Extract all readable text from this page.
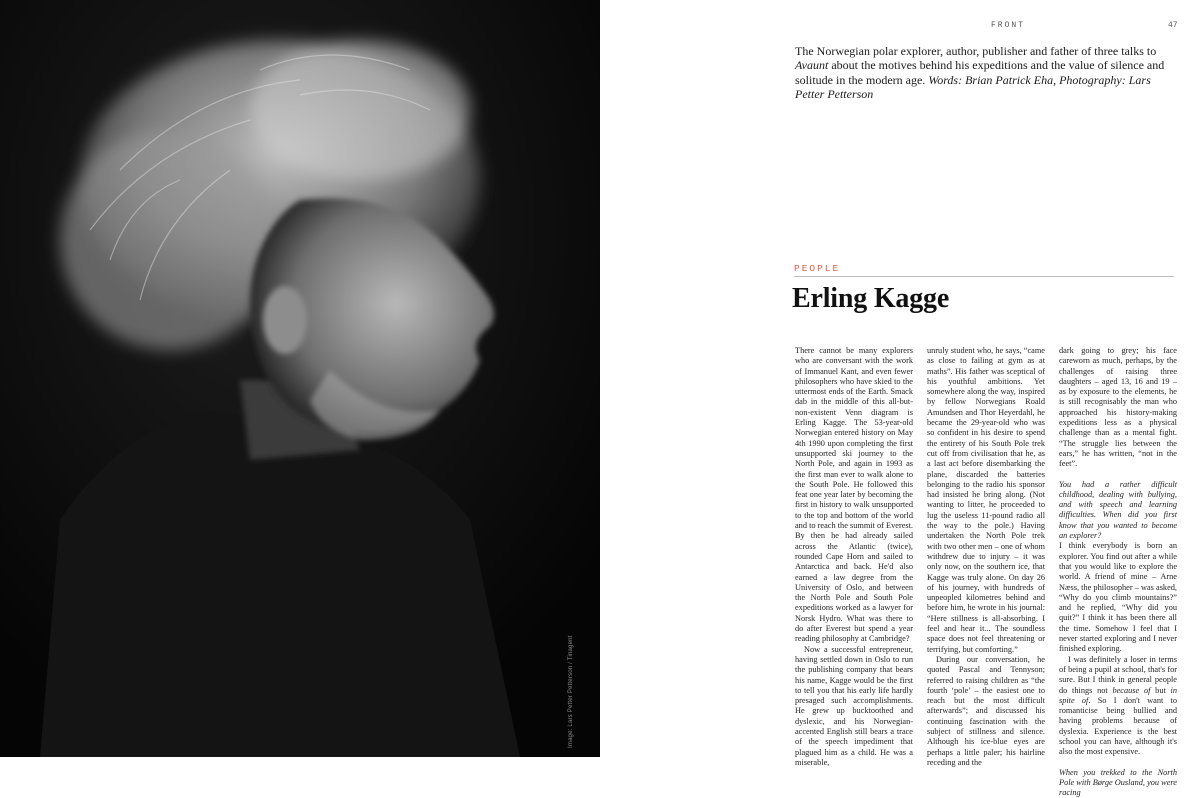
Image: Lars Petter Petterson / Tinagent
FRONT	47

The Norwegian polar explorer, author, publisher and father of three talks to Avaunt about the motives behind his expeditions and the value of silence and solitude in the modern age. Words: Brian Patrick Eha, Photography: Lars Petter Petterson

PEOPLE
Erling Kagge

There cannot be many explorers who are conversant with the work of Immanuel Kant, and even fewer philosophers who have skied to the uttermost ends of the Earth. Smack dab in the middle of this all-but-non-existent Venn diagram is Erling Kagge. The 53-year-old Norwegian entered history on May 4th 1990 upon completing the first unsupported ski journey to the North Pole, and again in 1993 as the first man ever to walk alone to the South Pole. He followed this feat one year later by becoming the first in history to walk unsupported to the top and bottom of the world and to reach the summit of Everest. By then he had already sailed across the Atlantic (twice), rounded Cape Horn and sailed to Antarctica and back. He'd also earned a law degree from the University of Oslo, and between the North Pole and South Pole expeditions worked as a lawyer for Norsk Hydro. What was there to do after Everest but spend a year reading philosophy at Cambridge?

Now a successful entrepreneur, having settled down in Oslo to run the publishing company that bears his name, Kagge would be the first to tell you that his early life hardly presaged such accomplishments. He grew up bucktoothed and dyslexic, and his Norwegian-accented English still bears a trace of the speech impediment that plagued him as a child. He was a miserable,

unruly student who, he says, “came as close to failing at gym as at maths”. His father was sceptical of his youthful ambitions. Yet somewhere along the way, inspired by fellow Norwegians Roald Amundsen and Thor Heyerdahl, he became the 29-year-old who was so confident in his desire to spend the entirety of his South Pole trek cut off from civilisation that he, as a last act before disembarking the plane, discarded the batteries belonging to the radio his sponsor had insisted he bring along. (Not wanting to litter, he proceeded to lug the useless 11-pound radio all the way to the pole.) Having undertaken the North Pole trek with two other men – one of whom withdrew due to injury – it was only now, on the southern ice, that Kagge was truly alone. On day 26 of his journey, with hundreds of unpeopled kilometres behind and before him, he wrote in his journal: “Here stillness is all-absorbing. I feel and hear it... The soundless space does not feel threatening or terrifying, but comforting.”

During our conversation, he quoted Pascal and Tennyson; referred to raising children as “the fourth ‘pole’ – the easiest one to reach but the most difficult afterwards”; and discussed his continuing fascination with the subject of stillness and silence. Although his ice-blue eyes are perhaps a little paler; his hairline receding and the

dark going to grey; his face careworn as much, perhaps, by the challenges of raising three daughters – aged 13, 16 and 19 – as by exposure to the elements, he is still recognisably the man who approached his history-making expeditions less as a physical challenge than as a mental fight. “The struggle lies between the ears,” he has written, “not in the feet”.

You had a rather difficult childhood, dealing with bullying, and with speech and learning difficulties. When did you first know that you wanted to become an explorer?

I think everybody is born an explorer. You find out after a while that you would like to explore the world. A friend of mine – Arne Næss, the philosopher – was asked, “Why do you climb mountains?” and he replied, “Why did you quit?” I think it has been there all the time. Somehow I feel that I never started exploring and I never finished exploring.

I was definitely a loser in terms of being a pupil at school, that's for sure. But I think in general people do things not because of but in spite of. So I don't want to romanticise being bullied and having problems because of dyslexia. Experience is the best school you can have, although it's also the most expensive.

When you trekked to the North Pole with Børge Ousland, you were racing
